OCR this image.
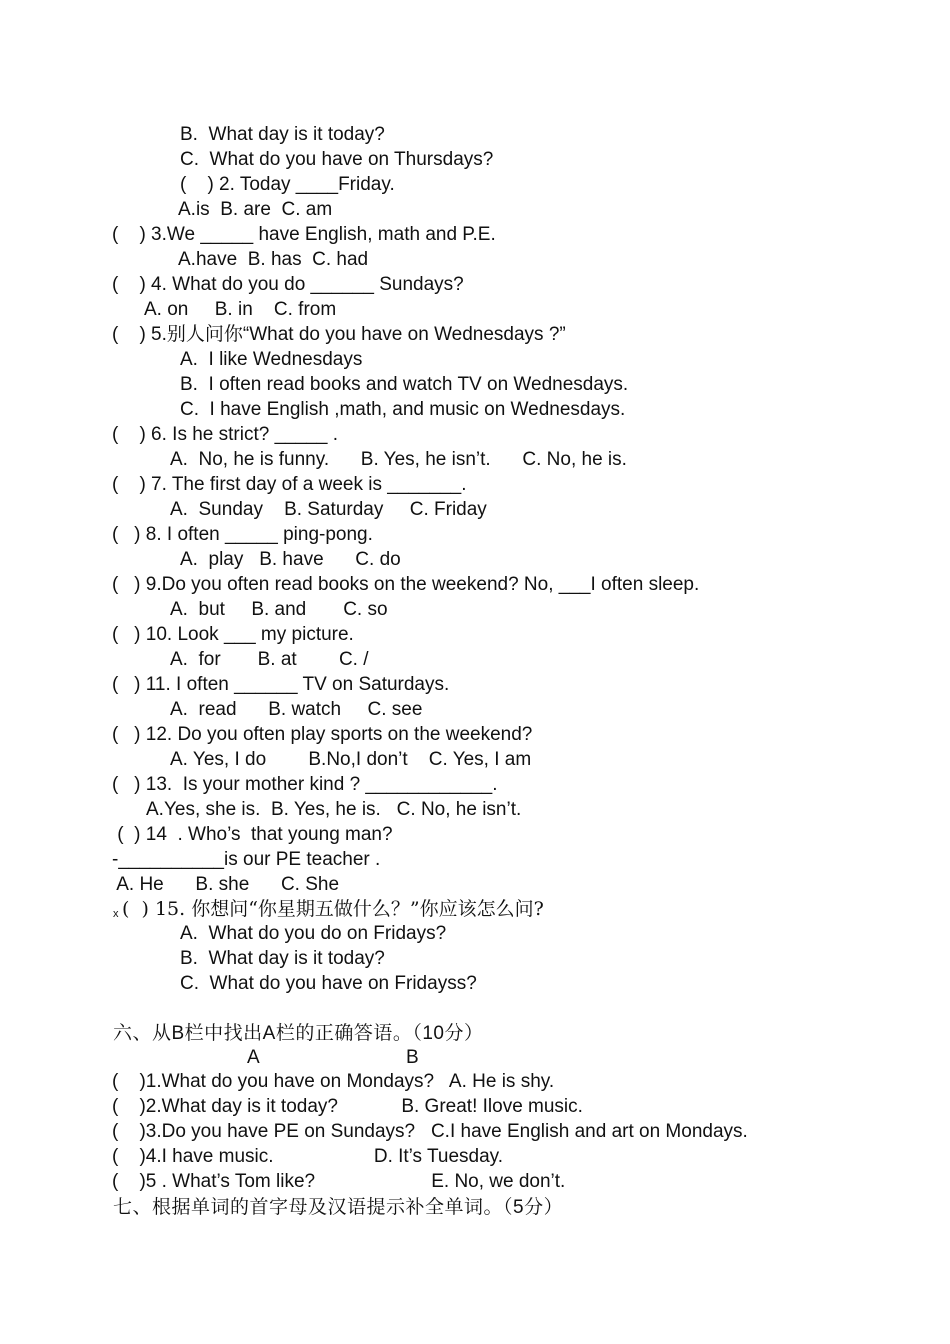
B.  What day is it today?
C.  What do you have on Thursdays?
(    ) 2. Today ____Friday.
A.is  B. are  C. am
(    ) 3.We _____ have English, math and P.E.
A.have  B. has  C. had
(    ) 4. What do you do ______ Sundays?
A. on     B. in    C. from
(    ) 5.别人问你“What do you have on Wednesdays ?”
A.  I like Wednesdays
B.  I often read books and watch TV on Wednesdays.
C.  I have English ,math, and music on Wednesdays.
(    ) 6. Is he strict? _____ .
A.  No, he is funny.      B. Yes, he isn’t.      C. No, he is.
(    ) 7. The first day of a week is _______.
A.  Sunday    B. Saturday     C. Friday
(   ) 8. I often _____ ping-pong.
A.  play   B. have      C. do
(   ) 9.Do you often read books on the weekend? No, ___I often sleep.
A.  but     B. and       C. so
(   ) 10. Look ___ my picture.
A.  for       B. at        C. /
(   ) 11. I often ______ TV on Saturdays.
A.  read      B. watch     C. see
(   ) 12. Do you often play sports on the weekend?
A. Yes, I do        B.No,I don’t    C. Yes, I am
(   ) 13.  Is your mother kind ? ____________.
A.Yes, she is.  B. Yes, he is.   C. No, he isn’t.
(  ) 14  . Who’s  that young man?
-__________is our PE teacher .
A. He      B. she      C. She
x (  ) 15. 你想问“你星期五做什么？”你应该怎么问?
A.  What do you do on Fridays?
B.  What day is it today?
C.  What do you have on Fridayss?
六、从B栏中找出A栏的正确答语。（10分）
A	B
(    )1.What do you have on Mondays?   A. He is shy.
(    )2.What day is it today?            B. Great! Ilove music.
(    )3.Do you have PE on Sundays?   C.I have English and art on Mondays.
(    )4.I have music.                   D. It’s Tuesday.
(    )5 . What’s Tom like?                      E. No, we don’t.
七、根据单词的首字母及汉语提示补全单词。（5分）
